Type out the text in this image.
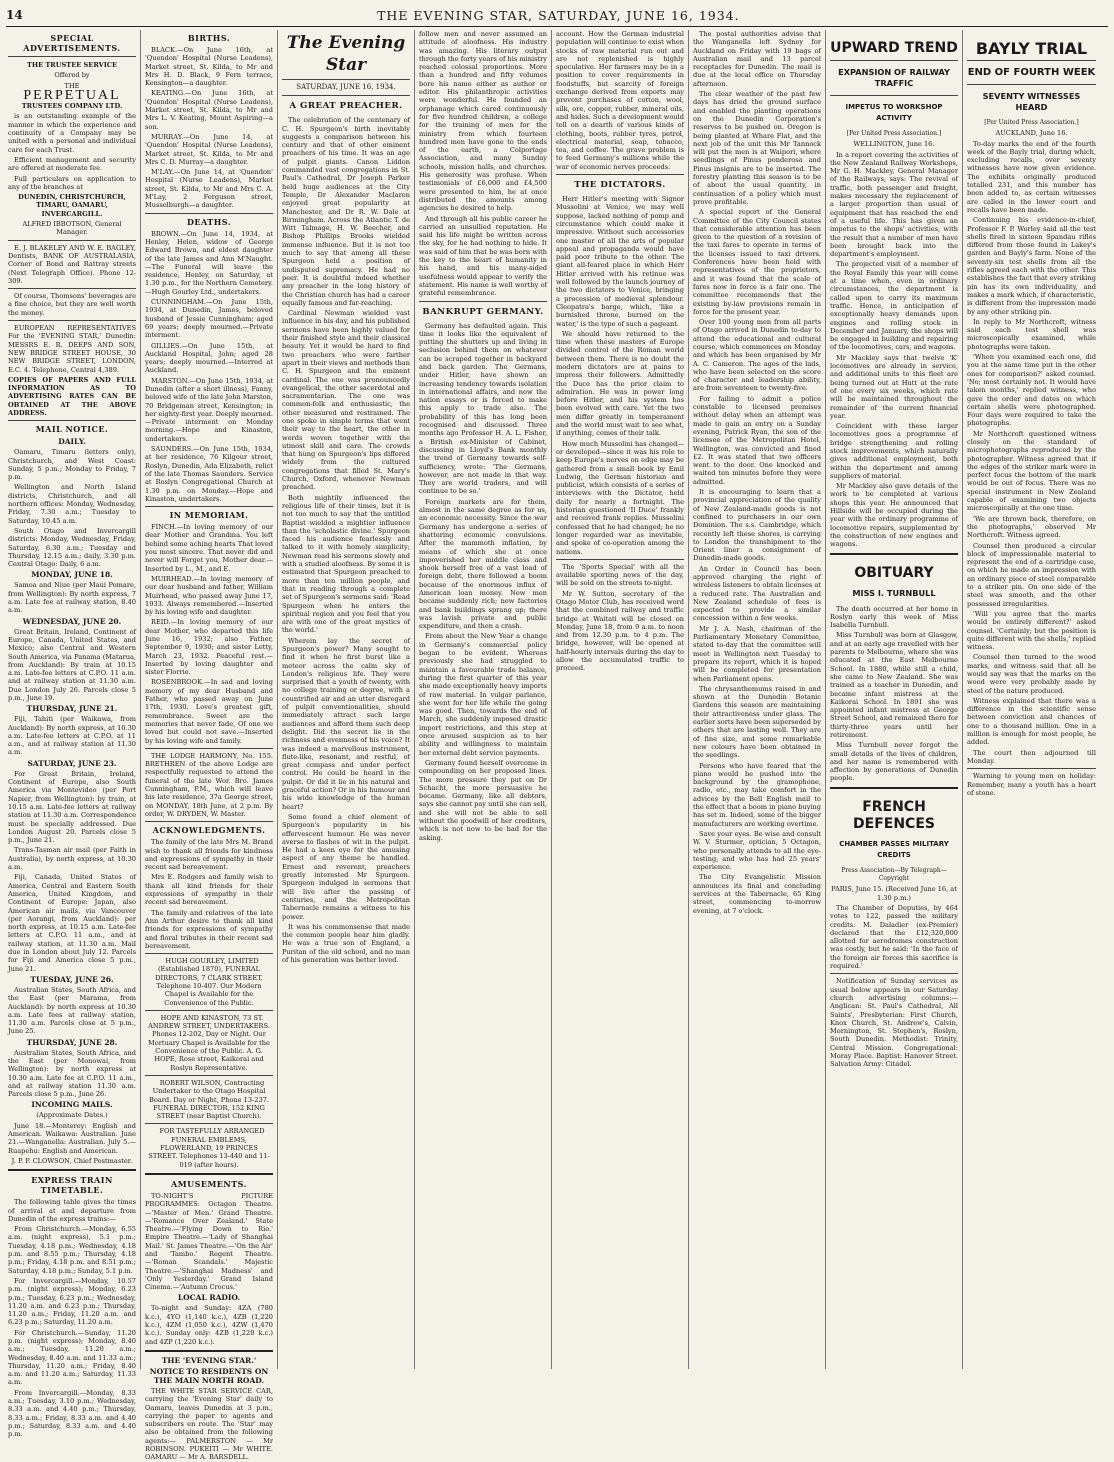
14	THE EVENING STAR, SATURDAY, JUNE 16, 1934.
SPECIAL ADVERTISEMENTS.

THE TRUSTEE SERVICE

Offered by

THE

PERPETUAL

TRUSTEES COMPANY LTD.

is an outstanding example of the manner in which the experience and continuity of a Company may be united with a personal and individual care for each Trust.

Efficient management and security are offered at moderate fee.

Full particulars on application to any of the branches at

DUNEDIN, CHRISTCHURCH, TIMARU, OAMARU, INVERCARGILL.

ALFRED IBBOTSON, General Manager.

E. J. BLAKELEY AND W. E. BAGLEY, Dentists, BANK OF AUSTRALASIA, Corner of Bond and Rattray streets (Next Telegraph Office). Phone 12-309.

Of course, Thomsons' beverages are a fine choice, but they are well worth the money.

EUROPEAN REPRESENTATIVES For the 'EVENING STAR,' Dunedin: MESSRS E. R. DEEPS AND SON, NEW BRIDGE STREET HOUSE, 30 NEW BRIDGE STREET, LONDON, E.C. 4. Telephone, Central 4,389.

COPIES OF PAPERS AND FULL INFORMATION AS TO ADVERTISING RATES CAN BE OBTAINED AT THE ABOVE ADDRESS.

MAIL NOTICE.
DAILY.

Oamaru, Timaru (letters only), Christchurch, and West Coast: Sunday, 5 p.m.; Monday to Friday, 7 p.m.

Wellington and North Island districts, Christchurch, and all northern offices: Monday, Wednesday, Friday, 7.30 a.m.; Tuesday to Saturday, 10.45 a.m.

South Otago and Invercargill districts: Monday, Wednesday, Friday, Saturday, 6.30 a.m.; Tuesday and Thursday, 12.15 a.m.; daily, 3.30 p.m. Central Otago: Daily, 6 a.m.

MONDAY, JUNE 18.

Samoa and Niue (per Maui Pomare, from Wellington): By north express, 7 a.m. Late fee at railway station, 8.40 a.m.

WEDNESDAY, JUNE 20.

Great Britain, Ireland, Continent of Europe, Canada, United States, and Mexico; also Central and Western South America, via Panama (Matarua, from Auckland): By train at 10.15 a.m. Late-fee letters at C.P.O. 11 a.m. and at railway station at 11.30 a.m. Due London July 26. Parcels close 5 p.m., June 19.

THURSDAY, JUNE 21.

Fiji, Tahiti (per Waikawa, from Auckland): By north express, at 10.30 a.m. Late-fee letters at C.P.O. at 11 a.m., and at railway station at 11.30 a.m.

SATURDAY, JUNE 23.

For Great Britain, Ireland, Continent of Europe, also South America via Montevideo (per Port Napier, from Wellington): by train, at 10.15 a.m. Late-fee letters at railway station at 11.30 a.m. Correspondence must be specially addressed. Due London August 20. Parcels close 5 p.m., June 21.

Trans-Tasman air mail (per Faith in Australia), by north express, at 10.30 a.m.

Fiji, Canada, United States of America, Central and Eastern South America, United Kingdom, and Continent of Europe: Japan, also American air mails, via Vancouver (per Aorangi, from Auckland): per north express, at 10.15 a.m. Late-fee letters at C.P.O. 11 a.m., and at railway station, at 11.30 a.m. Mail due in London about July 12. Parcels for Fiji and America close 5 p.m., June 21.

TUESDAY, JUNE 26.

Australian States, South Africa, and the East (per Marama, from Auckland): by north express at 10.30 a.m. Late fees at railway station, 11.30 a.m. Parcels close at 5 p.m., June 25.

THURSDAY, JUNE 28.

Australian States, South Africa, and the East (per Monowai, from Wellington): by north express at 10.30 a.m. Late fee at C.P.O. 11 a.m., and at railway station 11.30 a.m. Parcels close 5 p.m., June 26.

INCOMING MAILS.

(Approximate Dates.)

June 18.—Monterey: English and American. Waikawa: Australian. June 21.—Wanganella: Australian. July 5.—Ruapehu: English and American.

J. P. P. CLOWSON, Chief Postmaster.

EXPRESS TRAIN TIMETABLE.

The following table gives the times of arrival at and departure from Dunedin of the express trains:—

From Christchurch.—Monday, 6.55 a.m. (night express), 5.1 p.m.; Tuesday, 4.18 p.m.; Wednesday, 4.18 p.m. and 8.55 p.m.; Thursday, 4.18 p.m.; Friday, 4.18 p.m. and 8.51 p.m.; Saturday, 4.18 p.m.; Sunday, 5.1 p.m.

For Invercargill.—Monday, 10.57 p.m. (night express); Monday, 6.23 p.m.; Tuesday, 6.23 p.m.; Wednesday, 11.20 a.m. and 6.23 p.m.; Thursday, 11.20 a.m.; Friday, 11.20 a.m. and 6.23 p.m.; Saturday, 11.20 a.m.

For Christchurch.—Sunday, 11.20 p.m. (night express); Monday, 8.40 a.m.; Tuesday, 11.20 a.m.; Wednesday, 8.40 a.m. and 11.33 a.m.; Thursday, 11.20 a.m.; Friday, 8.40 a.m. and 11.20 a.m.; Saturday, 11.33 a.m.

From Invercargill.—Monday, 8.33 a.m.; Tuesday, 3.10 p.m.; Wednesday, 8.33 a.m. and 4.40 p.m.; Thursday, 8.33 a.m.; Friday, 8.33 a.m. and 4.40 p.m.; Saturday, 8.33 a.m. and 4.40 p.m.

BIRTHS.

BLACK.—On June 16th, at 'Quendon' Hospital (Nurse Leadens), Market street, St. Kilda, to Mr and Mrs H. D. Black, 9 Fern terrace, Kensington—a daughter.

KEATING.—On June 16th, at 'Quendon' Hospital (Nurse Leadens), Market street, St. Kilda, to Mr and Mrs L. V. Keating, Mount Aspiring—a son.

MURRAY.—On June 14, at 'Quendon' Hospital (Nurse Leadens), Market street, St. Kilda, to Mr and Mrs C. D. Murray—a daughter.

M'LAY.—On June 14, at 'Quendon' Hospital (Nurse Leadens), Market street, St. Kilda, to Mr and Mrs C. A. M'Lay, 2 Ferguson street, Musselburgh—a daughter.

DEATHS.

BROWN.—On June 14, 1934, at Henley, Helen, widow of George Edward Brown, and eldest daughter of the late James and Ann M'Naught.—The Funeral will leave the residence, Henley, on Saturday, at 1.30 p.m., for the Northern Cemetery.—Hugh Gourley Ltd., undertakers.

CUNNINGHAM.—On June 15th, 1934, at Dunedin, James, beloved husband of Jessie Cunningham; aged 69 years; deeply mourned.—Private interment.

GILLIES.—On June 15th, at Auckland Hospital, John; aged 28 years; deeply mourned.—Interred at Auckland.

MARSTON.—On June 15th, 1934, at Dunedin (after a short illness), Fanny, beloved wife of the late John Marston, 70 Bridgeman street, Kensington; in her eighty-first year. Deeply mourned.—Private interment on Monday morning.—Hope and Kinaston, undertakers.

SAUNDERS.—On June 15th, 1934, at her residence, 76 Kilgour street, Roslyn, Dunedin, Ada Elizabeth, relict of the late Thomas Saunders. Service at Roslyn Congregational Church at 1.30 p.m. on Monday.—Hope and Kinaston, undertakers.

IN MEMORIAM.

FINCH.—In loving memory of our dear Mother and Grandma. You left behind some aching hearts That loved you most sincere. That never did and never will Forget you, Mother dear.—Inserted by L., M., and E.

MUIRHEAD.—In loving memory of our dear husband and father, William Muirhead, who passed away June 17, 1933. Always remembered.—Inserted by his loving wife and daughter.

REID.—In loving memory of our dear Mother, who departed this life June 16, 1932; also Father, September 9, 1930; and sister Letty, March 23, 1932. Peaceful rest.—Inserted by loving daughter and sister Florrie.

ROSENBROOK.—In sad and loving memory of my dear Husband and Father, who passed away on June 17th, 1930. Love's greatest gift, remembrance. Sweet are the memories that never fade, Of one we loved but could not save.—Inserted by his loving wife and family.

THE LODGE HARMONY, No. 155. BRETHREN of the above Lodge are respectfully requested to attend the funeral of the late Wor. Bro. James Cunningham, P.M., which will leave his late residence, 37a George street, on MONDAY, 18th June, at 2 p.m. By order, W. DRYDEN, W. Master.

ACKNOWLEDGMENTS.

The family of the late Mrs M. Brand wish to thank all friends for kindness and expressions of sympathy in their recent sad bereavement.

Mrs E. Rodgers and family wish to thank all kind friends for their expressions of sympathy in their recent sad bereavement.

The family and relatives of the late Ann Arthur desire to thank all kind friends for expressions of sympathy and floral tributes in their recent sad bereavement.

HUGH GOURLEY, LIMITED (Established 1870), FUNERAL DIRECTORS, 7 CLARK STREET. Telephone 10-407. Our Modern Chapel is Available for the Convenience of the Public.

HOPE AND KINASTON, 73 ST. ANDREW STREET, UNDERTAKERS. Phones 12-202, Day or Night. Our Mortuary Chapel is Available for the Convenience of the Public. A. G. HOPE, Rose street, Kaikorai and Roslyn Representative.

ROBERT WILSON, Contracting Undertaker to the Otago Hospital Board. Day or Night, Phone 13-237. FUNERAL DIRECTOR, 152 KING STREET (near Baptist Church).

FOR TASTEFULLY ARRANGED FUNERAL EMBLEMS, FLOWERLAND, 19 PRINCES STREET. Telephones 13-440 and 11-019 (after hours).

AMUSEMENTS.

TO-NIGHT'S PICTURE PROGRAMMES: Octagon Theatre.—'Master of Men.' Grand Theatre.—'Romance Over Zealand.' State Theatre.—'Flying Down to Rio.' Empire Theatre.—'Lady of Shanghai Mail.' St. James Theatre.—'On the Air' and 'Tambo.' Regent Theatre.—'Roman Scandals.' Majestic Theatre.—'Shanghai Madness' and 'Only Yesterday.' Grand Island Cinema.—'Autumn Crocus.'

LOCAL RADIO.

To-night and Sunday: 4ZA (780 k.c.), 4YO (1,140 k.c.), 4ZB (1,220 k.c.), 4ZM (1,050 k.c.), 4ZW (1,470 k.c.). Sunday only: 4ZB (1,220 k.c.) and 4ZP (1,220 k.c.).

THE 'EVENING STAR.'
NOTICE TO RESIDENTS ON THE MAIN NORTH ROAD.

THE WHITE STAR SERVICE CAR, carrying the 'Evening Star' daily to Oamaru, leaves Dunedin at 3 p.m., carrying the paper to agents and subscribers en route. The 'Star' may also be obtained from the following agents:— PALMERSTON — Mr ROBINSON. PUKEITI — Mr WHITE. OAMARU — Mr A. BARSDELL.

The Evening Star
SATURDAY, JUNE 16, 1934.
A GREAT PREACHER.

The celebration of the centenary of C. H. Spurgeon's birth inevitably suggests a comparison between his century and that of other eminent preachers of his time. It was an age of pulpit giants. Canon Liddon commanded vast congregations in St. Paul's Cathedral, Dr Joseph Parker held huge audiences at the City Temple, Dr Alexander Maclaren enjoyed great popularity at Manchester, and Dr R. W. Dale at Birmingham. Across the Atlantic T. de Witt Talmage, H. W. Beecher, and Bishop Phillips Brooks wielded immense influence. But it is not too much to say that among all these Spurgeon held a position of undisputed supremacy. He had no peer. It is doubtful indeed whether any preacher in the long history of the Christian church has had a career equally famous and far-reaching.

Cardinal Newman wielded vast influence in his day, and his published sermons have been highly valued for their finished style and their classical beauty. Yet it would be hard to find two preachers who were farther apart in their views and methods than C. H. Spurgeon and the eminent cardinal. The one was pronouncedly evangelical, the other sacerdotal and sacramentarian. The one was common-folk and enthusiastic, the other measured and restrained. The one spoke in simple terms that went their way to the heart, the other in words woven together with the utmost skill and care. The crowds that hung on Spurgeon's lips differed widely from the cultured congregations that filled St. Mary's Church, Oxford, whenever Newman preached.

Both mightily influenced the religious life of their times, but it is not too much to say that the untitled Baptist wielded a mightier influence than the 'scholastic divine.' Spurgeon faced his audience fearlessly and talked to it with homely simplicity; Newman read his sermons slowly and with a studied aloofness. By some it is estimated that Spurgeon preached to more than ten million people, and that in reading through a complete set of Spurgeon's sermons said: 'Read Spurgeon when he enters the spiritual region and you feel that you are with one of the great mystics of the world.'

Wherein lay the secret of Spurgeon's power? Many sought to find it when he first burst like a meteor across the calm sky of London's religious life. They were surprised that a youth of twenty, with no college training or degree, with a countrified air and an utter disregard of pulpit conventionalities, should immediately attract such large audiences and afford them such deep delight. Did the secret lie in the richness and evenness of his voice? It was indeed a marvellous instrument, flute-like, resonant, and restful, of great compass and under perfect control. He could be heard in the pulpit. Or did it lie in his natural and graceful action? Or in his humour and his wide knowledge of the human heart?

Some found a chief element of Spurgeon's popularity in his effervescent humour. He was never averse to flashes of wit in the pulpit. He had a keen eye for the amusing aspect of any theme he handled. Ernest and reverent, preachers greatly interested Mr Spurgeon. Spurgeon indulged in sermons that will live after the passing of centuries, and the Metropolitan Tabernacle remains a witness to his power.

It was his commonsense that made the common people hear him gladly. He was a true son of England, a Puritan of the old school, and no man of his generation was better loved.

follow men and never assumed an attitude of aloofness. His industry was amazing. His literary output through the forty years of his ministry reached colossal proportions. More than a hundred and fifty volumes bore his name either as author or editor. His philanthropic activities were wonderful. He founded an orphanage which cared continuously for five hundred children, a college for the training of men for the ministry from which fourteen hundred men have gone to the ends of the earth, a Colportage Association, and many Sunday schools, mission halls, and churches. His generosity was profuse. When testimonials of £6,000 and £4,500 were presented to him, he at once distributed the amounts among agencies he desired to help.

And through all his public career he carried an unsullied reputation. He said his life might be written across the sky, for he had nothing to hide. It was said of him that he was born with the key to the heart of humanity in his hand, and his many-sided usefulness would appear to verify the statement. His name is well worthy of grateful remembrance.

BANKRUPT GERMANY.

Germany has defaulted again. This time it looks like the equivalent of putting the shutters up and living in seclusion behind them on whatever can be scraped together in backyard and back garden. The Germans, under Hitler, have shown an increasing tendency towards isolation in international affairs, and now the nation essays or is forced to make this apply to trade also. The probability of this has long been recognised and discussed. Three months ago Professor H. A. L. Fisher, a British ex-Minister of Cabinet, discussing in Lloyd's Bank monthly the trend of Germany towards self-sufficiency, wrote: 'The Germans, however, are not made in that way. They are world traders, and will continue to be so.'

Foreign markets are for them, almost in the same degree as for us, an economic necessity. Since the war Germany has undergone a series of shattering economic convulsions. After the mammoth inflation, by means of which she at once impoverished her middle class and shook herself free of a vast load of foreign debt, there followed a boom because of the enormous influx of American loan money. New men became suddenly rich; new factories and bank buildings sprang up; there was lavish private and public expenditure, and then a crash.

From about the New Year a change in Germany's commercial policy began to be evident. Whereas previously she had struggled to maintain a favourable trade balance, during the first quarter of this year she made exceptionally heavy imports of raw material. In vulgar parlance, she went for her life while the going was good. Then, towards the end of March, she suddenly imposed drastic import restrictions, and this step at once aroused suspicion as to her ability and willingness to maintain her external debt service payments.

Germany found herself overcome in compounding on her proposed lines. The more pressure they put on Dr Schacht, the more persuasive he became. Germany, like all debtors, says she cannot pay until she can sell, and she will not be able to sell without the goodwill of her creditors, which is not now to be had for the asking.

account. How the German industrial population will continue to exist when stocks of raw material run out and are not replenished is highly speculative. Her farmers may be in a position to cover requirements in foodstuffs, but scarcity of foreign exchange derived from exports may prevent purchases of cotton, wool, silk, ore, copper, rubber, mineral oils, and hides. Such a development would tell on a dearth of various kinds of clothing, boots, rubber tyres, petrol, electrical material, soap, tobacco, tea, and coffee. The grave problem is to feed Germany's millions while the war of economic nerves proceeds.

THE DICTATORS.

Herr Hitler's meeting with Signor Mussolini at Venice, we may well suppose, lacked nothing of pomp and circumstance which could make it impressive. Without such accessories one master of all the arts of popular appeal and propaganda would have paid poor tribute to the other. The giant all-feared place in which Herr Hitler arrived with his retinue was well followed by the launch journey of the two dictators to Venice, bringing a procession of medieval splendour. Cleopatra's barge, which, 'like a burnished throne, burned on the water,' is the type of such a pageant.

We should have returned to the time when these masters of Europe divided control of the Roman world between them. There is no doubt the modern dictators are at pains to impress their followers. Admittedly the Duce has the prior claim to admiration. He was in power long before Hitler, and his system has been evolved with care. Yet the two men differ greatly in temperament and the world must wait to see what, if anything, comes of their talk.

How much Mussolini has changed—or developed—since it was his role to keep Europe's nerves on edge may be gathered from a small book by Emil Ludwig, the German historian and publicist, which consists of a series of interviews with the Dictator, held daily for nearly a fortnight. The historian questioned 'Il Duce' frankly and received frank replies. Mussolini confessed that he had changed; he no longer regarded war as inevitable, and spoke of co-operation among the nations.

The 'Sports Special' with all the available sporting news of the day, will be sold on the streets to-night.

Mr W. Sutton, secretary of the Otago Motor Club, has received word that the combined railway and traffic bridge at Waitati will be closed on Monday, June 18, from 9 a.m. to noon and from 12.30 p.m. to 4 p.m. The bridge, however, will be opened at half-hourly intervals during the day to allow the accumulated traffic to proceed.

The postal authorities advise that the Wanganella left Sydney for Auckland on Friday with 19 bags of Australian mail and 13 parcel receptacles for Dunedin. The mail is due at the local office on Thursday afternoon.

The clear weather of the past few days has dried the ground surface and enabled the planting operations on the Dunedin Corporation's reserves to be pushed on. Oregon is being planted at Whare Flat, and the next job of the unit this Mr Tannock will put the men is at Waipori, where seedlings of Pinus ponderosa and Pinus insignis are to be inserted. The forestry planting this season is to be of about the usual quantity, in continuation of a policy which must prove profitable.

A special report of the General Committee of the City Council states that considerable attention has been given to the question of a revision of the taxi fares to operate in terms of the licenses issued to taxi drivers. Conferences have been held with representatives of the proprietors, and it was found that the scale of fares now in force is a fair one. The committee recommends that the existing by-law provisions remain in force for the present year.

Over 100 young men from all parts of Otago arrived in Dunedin to-day to attend the educational and cultural course, which commences on Monday and which has been organised by Mr A. C. Cameron. The ages of the lads, who have been selected on the score of character and leadership ability, are from seventeen to twenty-five.

For failing to admit a police constable to licensed premises without delay when an attempt was made to gain an entry on a Sunday evening, Patrick Ryan, the son of the licensee of the Metropolitan Hotel, Wellington, was convicted and fined £2. It was stated that two officers went to the door. One knocked and waited ten minutes before they were admitted.

It is encouraging to learn that a provincial appreciation of the quality of New Zealand-made goods is not confined to purchasers in our own Dominion. The s.s. Cambridge, which recently left these shores, is carrying to London the transhipment to the Orient liner a consignment of Dunedin-made goods.

An Order in Council has been approved charging the right of wireless listeners to obtain licenses at a reduced rate. The Australian and New Zealand schedule of fees is expected to provide a similar concession within a few weeks.

Mr J. A. Nash, chairman of the Parliamentary Monetary Committee, stated to-day that the committee will meet in Wellington next Tuesday to prepare its report, which it is hoped will be completed for presentation when Parliament opens.

The chrysanthemums raised in and shown at the Dunedin Botanic Gardens this season are maintaining their attractiveness under glass. The earlier sorts have been superseded by others that are lasting well. They are of fine size, and some remarkable new colours have been obtained in the seedlings.

Persons who have feared that the piano would be pushed into the background by the gramophone, radio, etc., may take comfort in the advices by the Bell English mail to the effect that a boom in piano buying has set in. Indeed, some of the bigger manufacturers are working overtime.

Save your eyes. Be wise and consult W. V. Sturmer, optician, 5 Octagon, who personally attends to all the eye-testing, and who has had 25 years' experience.

The City Evangelistic Mission announces its final and concluding services at the Tabernacle, 65 King street, commencing to-morrow evening, at 7 o'clock.

UPWARD TREND
EXPANSION OF RAILWAY TRAFFIC
IMPETUS TO WORKSHOP ACTIVITY

[Per United Press Association.]

WELLINGTON, June 16.

In a report covering the activities of the New Zealand Railway Workshops, Mr G. H. Mackley, General Manager of the Railways, says: The revival of traffic, both passenger and freight, makes necessary the replacement of a larger proportion than usual of equipment that has reached the end of a useful life. This has given an impetus to the shops' activities, with the result that a number of men have been brought back into the department's employment.

The projected visit of a member of the Royal Family this year will come at a time when, even in ordinary circumstances, the department is called upon to carry its maximum traffic. Hence, in anticipation of exceptionally heavy demands upon engines and rolling stock in December and January, the shops will be engaged in building and repairing of the locomotives, cars, and wagons.

Mr Mackley says that twelve 'K' locomotives are already in service, and additional units to this fleet are being turned out at Hutt at the rate of one every six weeks, which rate will be maintained throughout the remainder of the current financial year.

Coincident with these larger locomotives goes a programme of bridge strengthening and rolling stock improvements, which naturally gives additional employment, both within the department and among suppliers of material.

Mr Mackley also gave details of the work to be completed at various shops this year. He announced that Hillside will be occupied during the year with the ordinary programme of locomotive repairs, supplemented by the construction of new engines and wagons.

OBITUARY
MISS I. TURNBULL

The death occurred at her home in Roslyn early this week of Miss Isabella Turnbull.

Miss Turnbull was born at Glasgow, and at an early age travelled with her parents to Melbourne, where she was educated at the East Melbourne School. In 1880, while still a child, she came to New Zealand. She was trained as a teacher in Dunedin, and became infant mistress at the Kaikorai School. In 1891 she was appointed infant mistress at George Street School, and remained there for thirty-three years until her retirement.

Miss Turnbull never forgot the small details of the lives of children, and her name is remembered with affection by generations of Dunedin people.

FRENCH DEFENCES
CHAMBER PASSES MILITARY CREDITS

Press Association—By Telegraph—Copyright

PARIS, June 15. (Received June 16, at 1.30 p.m.)

The Chamber of Deputies, by 464 votes to 122, passed the military credits. M. Daladier (ex-Premier) declared that the £12,320,000 allotted for aerodromes construction was costly, but he said: 'In the face of the foreign air forces this sacrifice is required.'

Notification of Sunday services as usual below appears in our Saturday church advertising columns:—Anglican: St. Paul's Cathedral, All Saints', Presbyterian: First Church, Knox Church, St. Andrew's, Calvin, Mornington, St. Stephen's, Roslyn, South Dunedin. Methodist: Trinity, Central Mission. Congregational: Moray Place. Baptist: Hanover Street. Salvation Army: Citadel.

BAYLY TRIAL
END OF FOURTH WEEK
SEVENTY WITNESSES HEARD

[Per United Press Association.]

AUCKLAND, June 16.

To-day marks the end of the fourth week of the Bayly trial, during which, excluding recalls, over seventy witnesses have now given evidence. The exhibits originally produced totalled 231, and this number has been added to, as certain witnesses are called in the lower court and recalls have been made.

Continuing his evidence-in-chief, Professor F. P. Worley said all the test shells fired in sixteen Spandau rifles differed from those found in Lakey's garden and Bayly's farm. None of the seventy-six test shells from all the rifles agreed each with the other. This establishes the fact that every striking pin has its own individuality, and makes a mark which, if characteristic, is different from the impression made by any other striking pin.

In reply to Mr Northcroft, witness said each test shell was microscopically examined, while photographs were taken.

'When you examined each one, did you at the same time put in the other ones for comparison?' asked counsel. 'No; most certainly not. It would have taken months,' replied witness, who gave the order and dates on which certain shells were photographed. Four days were required to take the photographs.

Mr Northcroft questioned witness closely on the standard of microphotographs reproduced by the photographer. Witness agreed that if the edges of the striker mark were in perfect focus the bottom of the mark would be out of focus. There was no special instrument in New Zealand capable of examining two objects microscopically at the one time.

'We are thrown back, therefore, on the photographs,' observed Mr Northcroft. Witness agreed.

Counsel then produced a circular block of impressionable material to represent the end of a cartridge case, on which he made an impression with an ordinary piece of steel comparable to a striker pin. On one side of the steel was smooth, and the other possessed irregularities.

'Will you agree that the marks would be entirely different?' asked counsel. 'Certainly; but the position is quite different with the shells,' replied witness.

Counsel then turned to the wood marks, and witness said that all he would say was that the marks on the wood were very probably made by steel of the nature produced.

Witness explained that there was a difference in the scientific sense between conviction and chances of one to a thousand million. One in a million is enough for most people, he added.

The court then adjourned till Monday.

Warning to young men on holiday: Remember, many a youth has a heart of stone.
